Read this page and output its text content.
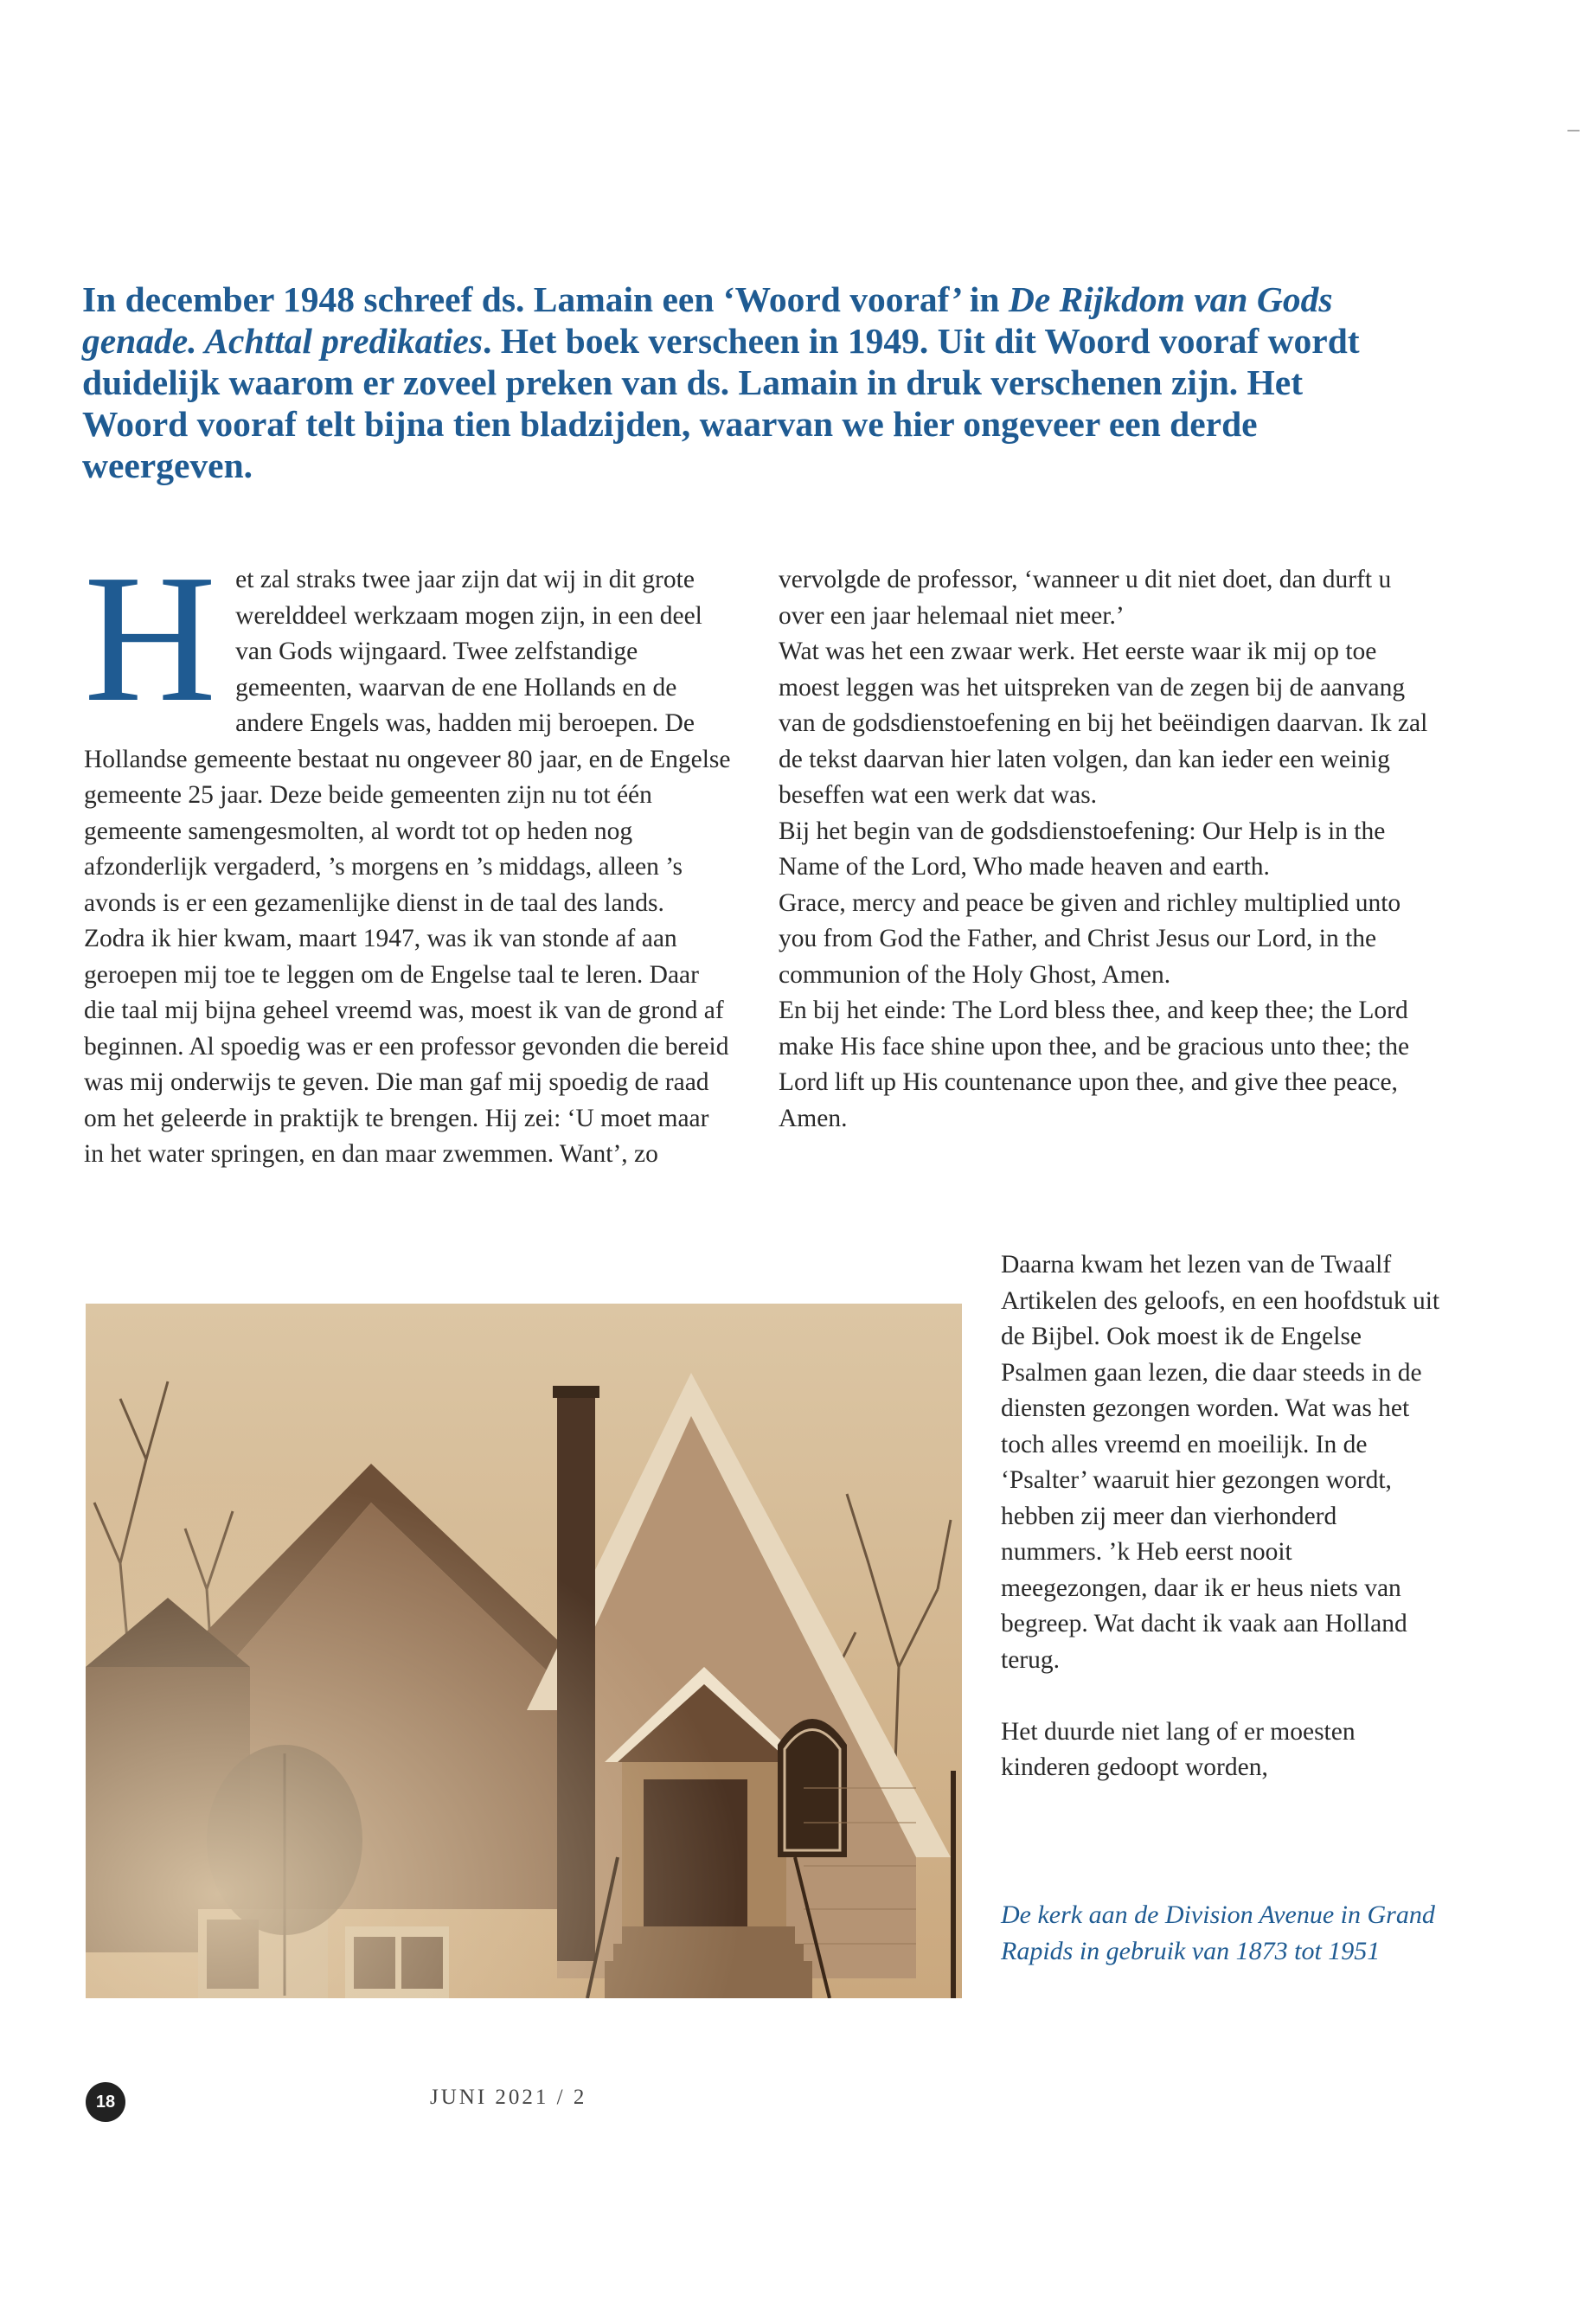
In december 1948 schreef ds. Lamain een ‘Woord vooraf’ in De Rijkdom van Gods genade. Achttal predikaties. Het boek verscheen in 1949. Uit dit Woord vooraf wordt duidelijk waarom er zoveel preken van ds. Lamain in druk verschenen zijn. Het Woord vooraf telt bijna tien bladzijden, waarvan we hier ongeveer een derde weergeven.

Het zal straks twee jaar zijn dat wij in dit grote werelddeel werkzaam mogen zijn, in een deel van Gods wijngaard. Twee zelfstandige gemeenten, waarvan de ene Hollands en de andere Engels was, hadden mij beroepen. De Hollandse gemeente bestaat nu ongeveer 80 jaar, en de Engelse gemeente 25 jaar. Deze beide gemeenten zijn nu tot één gemeente samengesmolten, al wordt tot op heden nog afzonderlijk vergaderd, ’s morgens en ’s middags, alleen ’s avonds is er een gezamenlijke dienst in de taal des lands.

Zodra ik hier kwam, maart 1947, was ik van stonde af aan geroepen mij toe te leggen om de Engelse taal te leren. Daar die taal mij bijna geheel vreemd was, moest ik van de grond af beginnen. Al spoedig was er een professor gevonden die bereid was mij onderwijs te geven. Die man gaf mij spoedig de raad om het geleerde in praktijk te brengen. Hij zei: ‘U moet maar in het water springen, en dan maar zwemmen. Want’, zo

vervolgde de professor, ‘wanneer u dit niet doet, dan durft u over een jaar helemaal niet meer.’

Wat was het een zwaar werk. Het eerste waar ik mij op toe moest leggen was het uitspreken van de zegen bij de aanvang van de godsdienstoefening en bij het beëindigen daarvan. Ik zal de tekst daarvan hier laten volgen, dan kan ieder een weinig beseffen wat een werk dat was.

Bij het begin van de godsdienstoefening: Our Help is in the Name of the Lord, Who made heaven and earth.

Grace, mercy and peace be given and richley multiplied unto you from God the Father, and Christ Jesus our Lord, in the communion of the Holy Ghost, Amen.

En bij het einde: The Lord bless thee, and keep thee; the Lord make His face shine upon thee, and be gracious unto thee; the Lord lift up His countenance upon thee, and give thee peace, Amen.

Daarna kwam het lezen van de Twaalf Artikelen des geloofs, en een hoofdstuk uit de Bijbel. Ook moest ik de Engelse Psalmen gaan lezen, die daar steeds in de diensten gezongen worden. Wat was het toch alles vreemd en moeilijk. In de ‘Psalter’ waaruit hier gezongen wordt, hebben zij meer dan vierhonderd nummers. ’k Heb eerst nooit meegezongen, daar ik er heus niets van begreep. Wat dacht ik vaak aan Holland terug.

Het duurde niet lang of er moesten kinderen gedoopt worden,

De kerk aan de Division Avenue in Grand Rapids in gebruik van 1873 tot 1951
18	JUNI 2021 / 2
